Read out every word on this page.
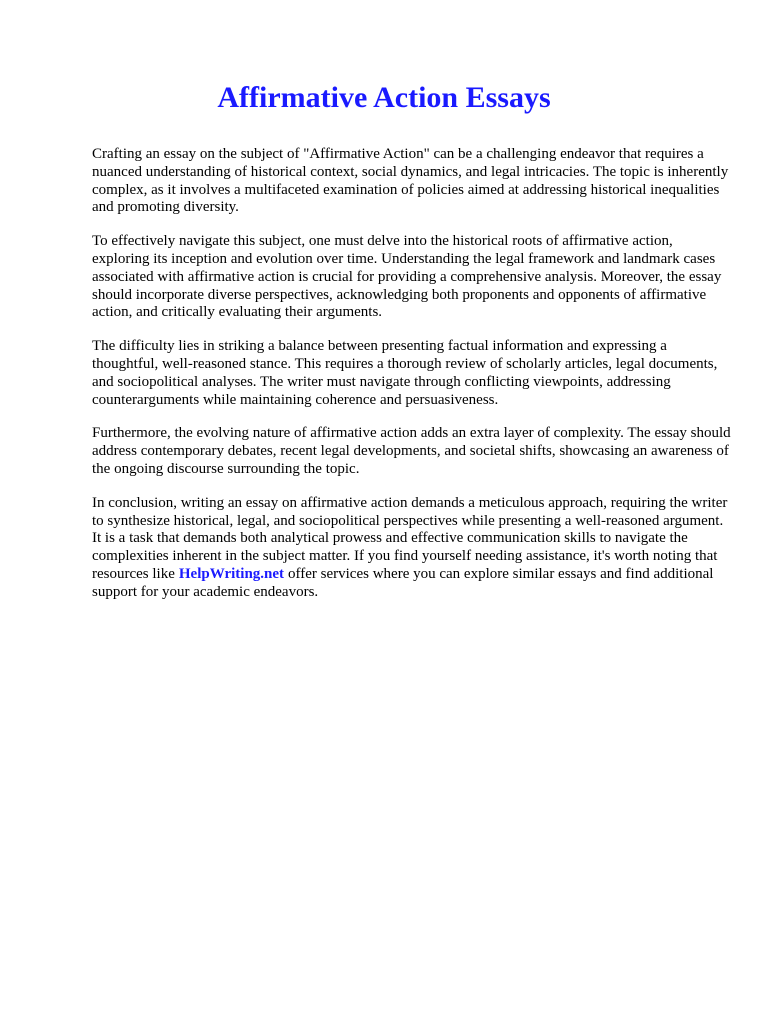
Affirmative Action Essays

Crafting an essay on the subject of "Affirmative Action" can be a challenging endeavor that requires a nuanced understanding of historical context, social dynamics, and legal intricacies. The topic is inherently complex, as it involves a multifaceted examination of policies aimed at addressing historical inequalities and promoting diversity.

To effectively navigate this subject, one must delve into the historical roots of affirmative action, exploring its inception and evolution over time. Understanding the legal framework and landmark cases associated with affirmative action is crucial for providing a comprehensive analysis. Moreover, the essay should incorporate diverse perspectives, acknowledging both proponents and opponents of affirmative action, and critically evaluating their arguments.

The difficulty lies in striking a balance between presenting factual information and expressing a thoughtful, well-reasoned stance. This requires a thorough review of scholarly articles, legal documents, and sociopolitical analyses. The writer must navigate through conflicting viewpoints, addressing counterarguments while maintaining coherence and persuasiveness.

Furthermore, the evolving nature of affirmative action adds an extra layer of complexity. The essay should address contemporary debates, recent legal developments, and societal shifts, showcasing an awareness of the ongoing discourse surrounding the topic.

In conclusion, writing an essay on affirmative action demands a meticulous approach, requiring the writer to synthesize historical, legal, and sociopolitical perspectives while presenting a well-reasoned argument. It is a task that demands both analytical prowess and effective communication skills to navigate the complexities inherent in the subject matter. If you find yourself needing assistance, it's worth noting that resources like HelpWriting.net offer services where you can explore similar essays and find additional support for your academic endeavors.
